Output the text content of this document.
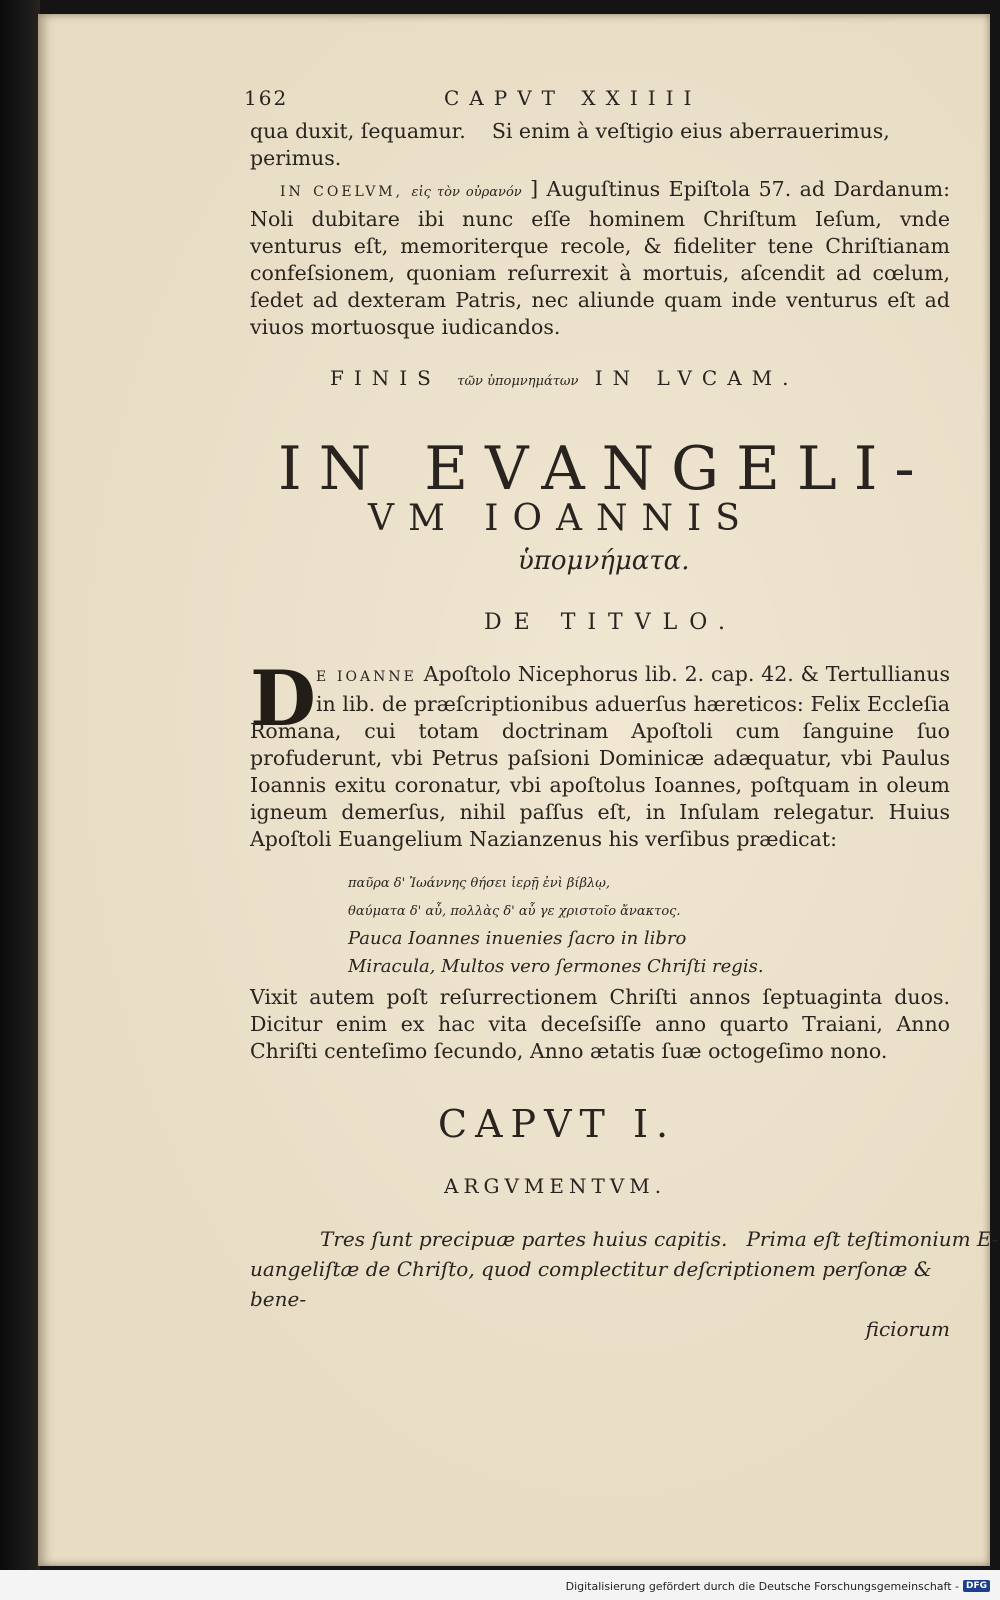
162	CAPVT XXIIII

qua duxit, ſequamur.    Si enim à veſtigio eius aberrauerimus,
perimus.

IN COELVM, εἰς τὸν οὐρανόν ] Auguſtinus Epiſtola 57. ad Dardanum: Noli dubitare ibi nunc eſſe hominem Chriſtum Ieſum, vnde venturus eſt, memoriterque recole, & fideliter tene Chriſtianam confeſsionem, quoniam reſurrexit à mortuis, aſcendit ad cœlum, ſedet ad dexteram Patris, nec aliunde quam inde venturus eſt ad viuos mortuosque iudicandos.

FINIS τῶν ὑπομνημάτων IN LVCAM.
IN EVANGELI-
VM IOANNIS
ὑπομνήματα.
DE TITVLO.
D E IOANNE Apoſtolo Nicephorus lib. 2. cap. 42. & Tertullianus in lib. de præſcriptionibus aduerſus hæreticos: Felix Eccleſia Romana, cui totam doctrinam Apoſtoli cum ſanguine ſuo profuderunt, vbi Petrus paſsioni Dominicæ adæquatur, vbi Paulus Ioannis exitu coronatur, vbi apoſtolus Ioannes, poſtquam in oleum igneum demerſus, nihil paſſus eſt, in Inſulam relegatur. Huius Apoſtoli Euangelium Nazianzenus his verſibus prædicat:

παῦρα δ' Ἰωάννης θήσει ἱερῇ ἐνὶ βίβλῳ,
θαύματα δ' αὖ, πολλὰς δ' αὖ γε χριστοῖο ἄνακτος.
Pauca Ioannes inuenies ſacro in libro
Miracula, Multos vero ſermones Chriſti regis.

Vixit autem poſt reſurrectionem Chriſti annos ſeptuaginta duos. Dicitur enim ex hac vita deceſsiſſe anno quarto Traiani, Anno Chriſti centeſimo ſecundo, Anno ætatis ſuæ octogeſimo nono.

CAPVT I.
ARGVMENTVM.

Tres ſunt precipuæ partes huius capitis.   Prima eſt teſtimonium E-
uangeliſtæ de Chriſto, quod complectitur deſcriptionem perſonæ & bene-
ficiorum

Digitalisierung gefördert durch die Deutsche Forschungsgemeinschaft - DFG
